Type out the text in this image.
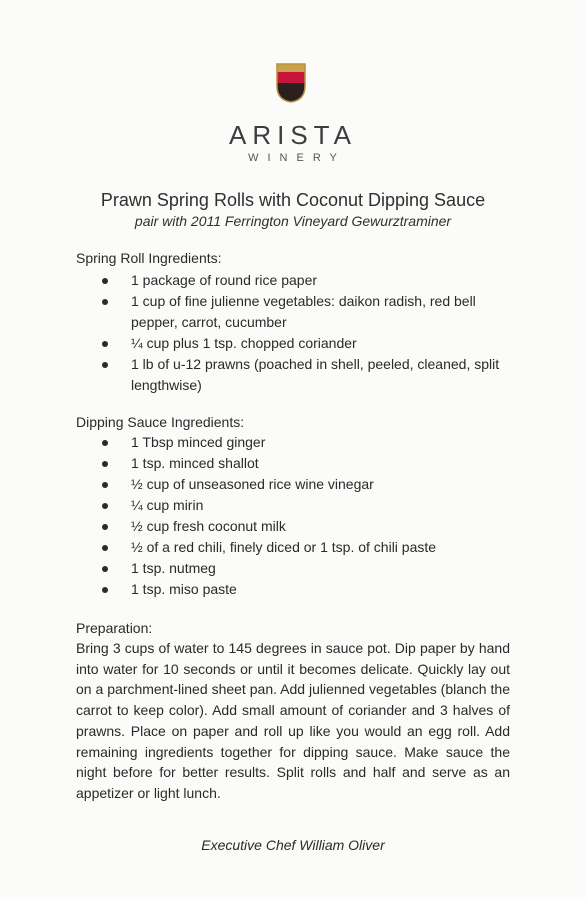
ARISTA
WINERY
Prawn Spring Rolls with Coconut Dipping Sauce
pair with 2011 Ferrington Vineyard Gewurztraminer
Spring Roll Ingredients:
1 package of round rice paper
1 cup of fine julienne vegetables: daikon radish, red bell pepper, carrot, cucumber
¼ cup plus 1 tsp. chopped coriander
1 lb of u-12 prawns (poached in shell, peeled, cleaned, split lengthwise)
Dipping Sauce Ingredients:
1 Tbsp minced ginger
1 tsp. minced shallot
½ cup of unseasoned rice wine vinegar
¼ cup mirin
½ cup fresh coconut milk
½ of a red chili, finely diced or 1 tsp. of chili paste
1 tsp. nutmeg
1 tsp. miso paste
Preparation:
Bring 3 cups of water to 145 degrees in sauce pot. Dip paper by hand into water for 10 seconds or until it becomes delicate. Quickly lay out on a parchment-lined sheet pan. Add julienned vegetables (blanch the carrot to keep color). Add small amount of coriander and 3 halves of prawns. Place on paper and roll up like you would an egg roll. Add remaining ingredients together for dipping sauce. Make sauce the night before for better results. Split rolls and half and serve as an appetizer or light lunch.
Executive Chef William Oliver
